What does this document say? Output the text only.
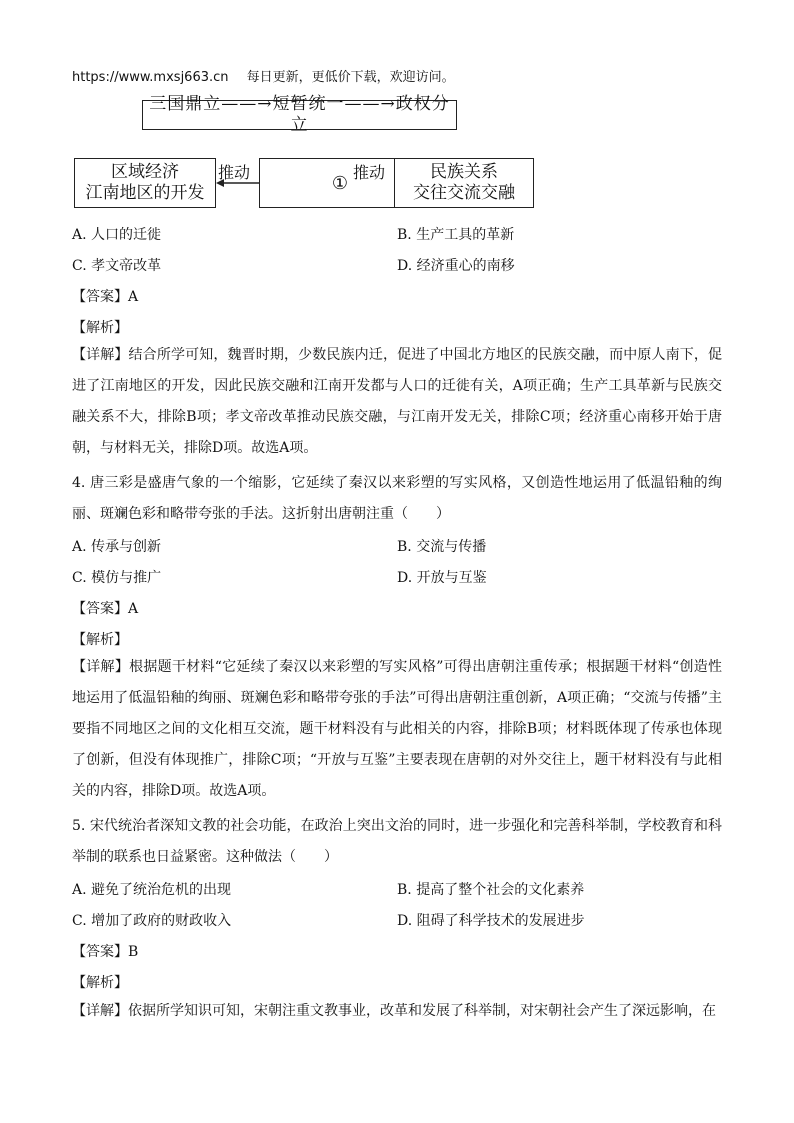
https://www.mxsj663.cn 每日更新，更低价下载，欢迎访问。
三国鼎立——→短暂统一——→政权分立
区域经济
江南地区的开发
推动	① 推动	民族关系
交往交流交融
A. 人口的迁徙	B. 生产工具的革新
C. 孝文帝改革	D. 经济重心的南移
【答案】A
【解析】
【详解】结合所学可知，魏晋时期，少数民族内迁，促进了中国北方地区的民族交融，而中原人南下，促进了江南地区的开发，因此民族交融和江南开发都与人口的迁徙有关，A项正确；生产工具革新与民族交融关系不大，排除B项；孝文帝改革推动民族交融，与江南开发无关，排除C项；经济重心南移开始于唐朝，与材料无关，排除D项。故选A项。
4. 唐三彩是盛唐气象的一个缩影，它延续了秦汉以来彩塑的写实风格，又创造性地运用了低温铅釉的绚丽、斑斓色彩和略带夸张的手法。这折射出唐朝注重（　　）
A. 传承与创新	B. 交流与传播
C. 模仿与推广	D. 开放与互鉴
【答案】A
【解析】
【详解】根据题干材料“它延续了秦汉以来彩塑的写实风格”可得出唐朝注重传承；根据题干材料“创造性地运用了低温铅釉的绚丽、斑斓色彩和略带夸张的手法”可得出唐朝注重创新，A项正确；“交流与传播”主要指不同地区之间的文化相互交流，题干材料没有与此相关的内容，排除B项；材料既体现了传承也体现了创新，但没有体现推广，排除C项；“开放与互鉴”主要表现在唐朝的对外交往上，题干材料没有与此相关的内容，排除D项。故选A项。
5. 宋代统治者深知文教的社会功能，在政治上突出文治的同时，进一步强化和完善科举制，学校教育和科举制的联系也日益紧密。这种做法（　　）
A. 避免了统治危机的出现	B. 提高了整个社会的文化素养
C. 增加了政府的财政收入	D. 阻碍了科学技术的发展进步
【答案】B
【解析】
【详解】依据所学知识可知，宋朝注重文教事业，改革和发展了科举制，对宋朝社会产生了深远影响，在
